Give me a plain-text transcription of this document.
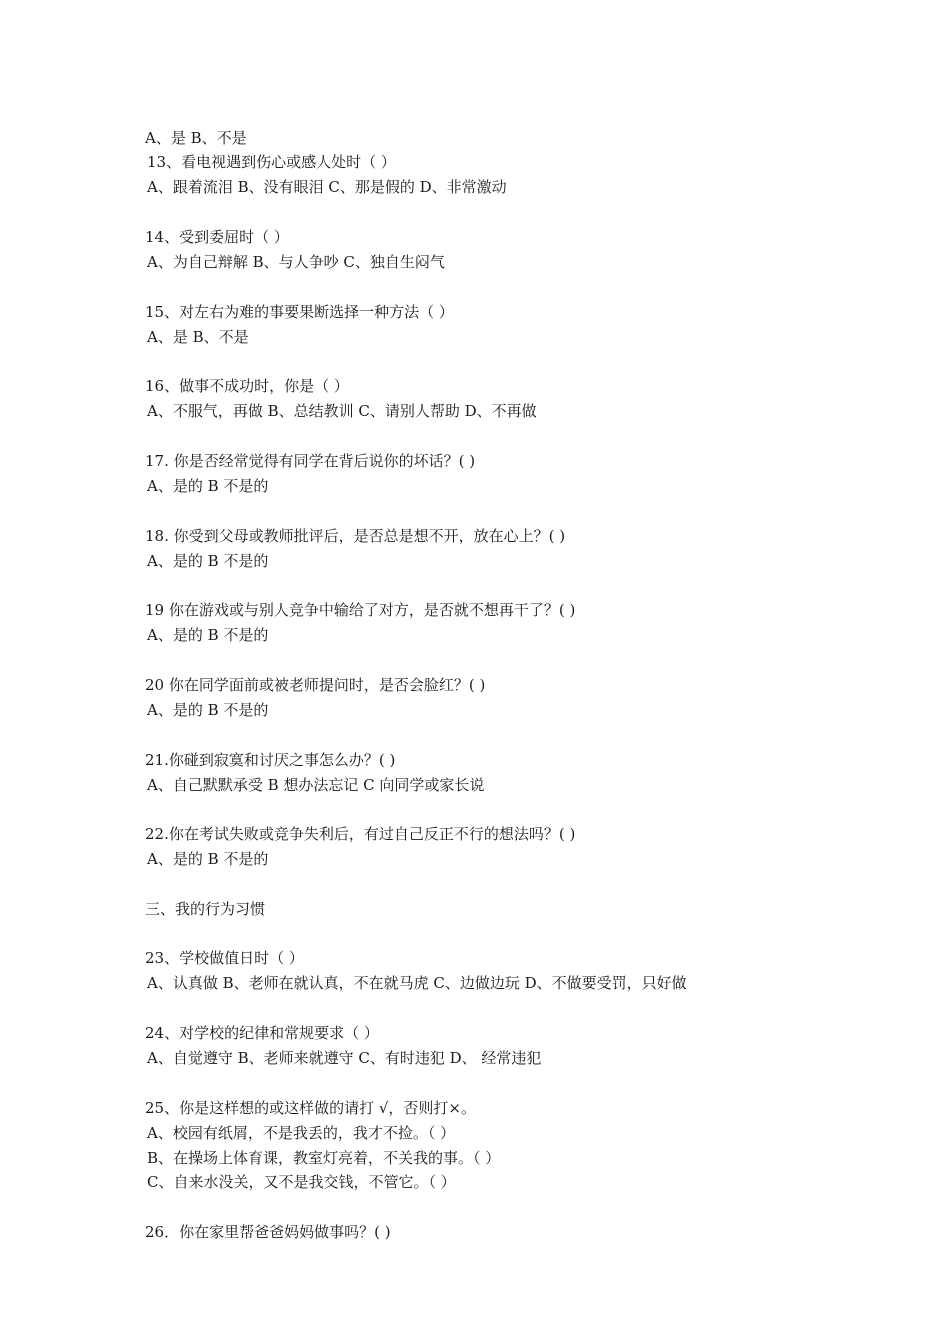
A、是 B、不是
13、看电视遇到伤心或感人处时（ ）
A、跟着流泪 B、没有眼泪 C、那是假的 D、非常激动
14、受到委屈时（ ）
A、为自己辩解 B、与人争吵 C、独自生闷气
15、对左右为难的事要果断选择一种方法（ ）
A、是 B、不是
16、做事不成功时，你是（ ）
A、不服气，再做 B、总结教训 C、请别人帮助 D、不再做
17. 你是否经常觉得有同学在背后说你的坏话？( )
A、是的 B 不是的
18. 你受到父母或教师批评后，是否总是想不开，放在心上？( )
A、是的 B 不是的
19 你在游戏或与别人竞争中输给了对方，是否就不想再干了？( )
A、是的 B 不是的
20 你在同学面前或被老师提问时，是否会脸红？( )
A、是的 B 不是的
21.你碰到寂寞和讨厌之事怎么办？( )
A、自己默默承受 B 想办法忘记 C 向同学或家长说
22.你在考试失败或竞争失利后，有过自己反正不行的想法吗？( )
A、是的 B 不是的
三、我的行为习惯
23、学校做值日时（ ）
A、认真做 B、老师在就认真，不在就马虎 C、边做边玩 D、不做要受罚，只好做
24、对学校的纪律和常规要求（ ）
A、自觉遵守 B、老师来就遵守 C、有时违犯 D、 经常违犯
25、你是这样想的或这样做的请打 √，否则打×。
A、校园有纸屑，不是我丢的，我才不捡。（ ）
B、在操场上体育课，教室灯亮着，不关我的事。（ ）
C、自来水没关，又不是我交钱，不管它。（ ）
26．你在家里帮爸爸妈妈做事吗？( )
